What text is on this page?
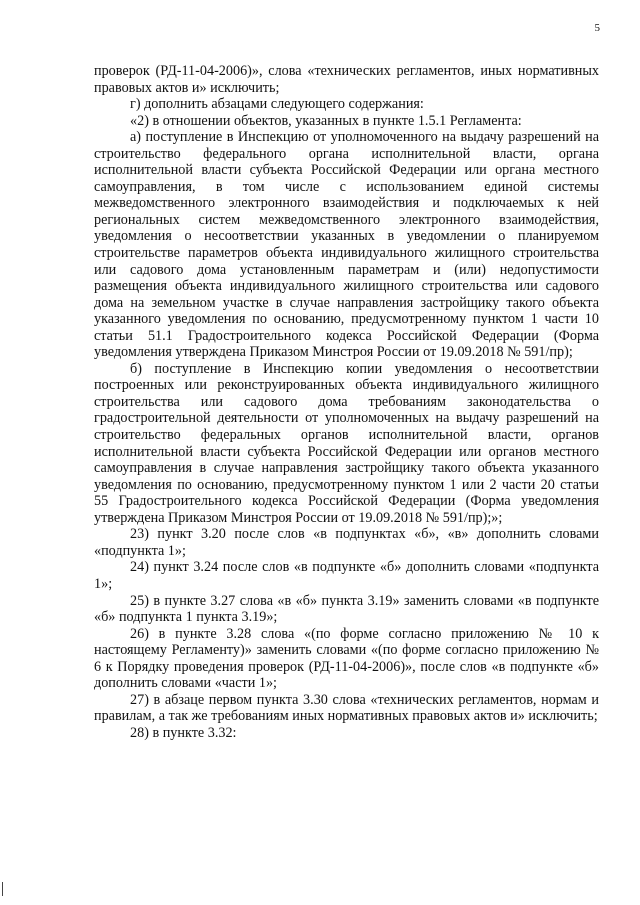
5

проверок (РД-11-04-2006)», слова «технических регламентов, иных нормативных правовых актов и» исключить;

г) дополнить абзацами следующего содержания:

«2) в отношении объектов, указанных в пункте 1.5.1 Регламента:

а) поступление в Инспекцию от уполномоченного на выдачу разрешений на строительство федерального органа исполнительной власти, органа исполнительной власти субъекта Российской Федерации или органа местного самоуправления, в том числе с использованием единой системы межведомственного электронного взаимодействия и подключаемых к ней региональных систем межведомственного электронного взаимодействия, уведомления о несоответствии указанных в уведомлении о планируемом строительстве параметров объекта индивидуального жилищного строительства или садового дома установленным параметрам и (или) недопустимости размещения объекта индивидуального жилищного строительства или садового дома на земельном участке в случае направления застройщику такого объекта указанного уведомления по основанию, предусмотренному пунктом 1 части 10 статьи 51.1 Градостроительного кодекса Российской Федерации (Форма уведомления утверждена Приказом Минстроя России от 19.09.2018 № 591/пр);

б) поступление в Инспекцию копии уведомления о несоответствии построенных или реконструированных объекта индивидуального жилищного строительства или садового дома требованиям законодательства о градостроительной деятельности от уполномоченных на выдачу разрешений на строительство федеральных органов исполнительной власти, органов исполнительной власти субъекта Российской Федерации или органов местного самоуправления в случае направления застройщику такого объекта указанного уведомления по основанию, предусмотренному пунктом 1 или 2 части 20 статьи 55 Градостроительного кодекса Российской Федерации (Форма уведомления утверждена Приказом Минстроя России от 19.09.2018 № 591/пр);»;

23) пункт 3.20 после слов «в подпунктах «б», «в» дополнить словами «подпункта 1»;

24) пункт 3.24 после слов «в подпункте «б» дополнить словами «подпункта 1»;

25) в пункте 3.27 слова «в «б» пункта 3.19» заменить словами «в подпункте «б» подпункта 1 пункта 3.19»;

26) в пункте 3.28 слова «(по форме согласно приложению № 10 к настоящему Регламенту)» заменить словами «(по форме согласно приложению № 6 к Порядку проведения проверок (РД-11-04-2006)», после слов «в подпункте «б» дополнить словами «части 1»;

27) в абзаце первом пункта 3.30 слова «технических регламентов, нормам и правилам, а так же требованиям иных нормативных правовых актов и» исключить;

28) в пункте 3.32:
